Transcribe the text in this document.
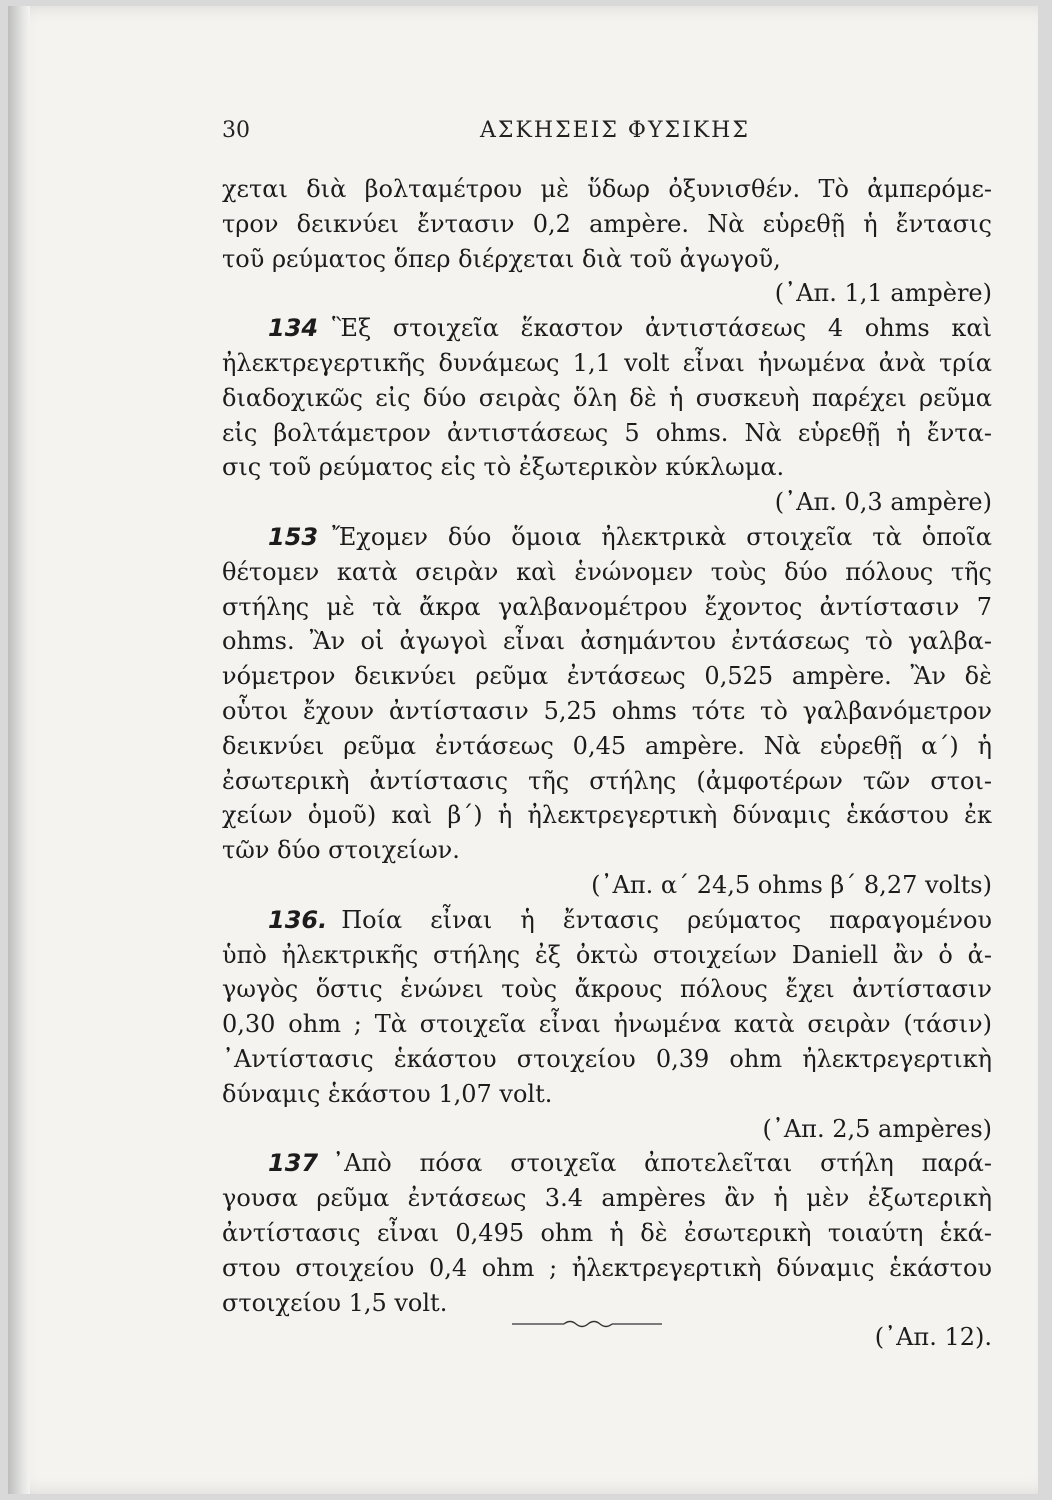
30	ΑΣΚΗΣΕΙΣ ΦΥΣΙΚΗΣ
χεται διὰ βολταμέτρου μὲ ὕδωρ ὀξυνισθέν. Τὸ ἀμπερόμε-
τρον δεικνύει ἔντασιν 0,2 ampère. Νὰ εὑρεθῇ ἡ ἔντασις
τοῦ ρεύματος ὅπερ διέρχεται διὰ τοῦ ἀγωγοῦ,
(᾿Απ. 1,1 ampère)
134 Ἓξ στοιχεῖα ἕκαστον ἀντιστάσεως 4 ohms καὶ
ἠλεκτρεγερτικῆς δυνάμεως 1,1 volt εἶναι ἠνωμένα ἀνὰ τρία
διαδοχικῶς εἰς δύο σειρὰς ὅλη δὲ ἡ συσκευὴ παρέχει ρεῦμα
εἰς βολτάμετρον ἀντιστάσεως 5 ohms. Νὰ εὑρεθῇ ἡ ἔντα-
σις τοῦ ρεύματος εἰς τὸ ἐξωτερικὸν κύκλωμα.
(᾿Απ. 0,3 ampère)
153 Ἔχομεν δύο ὅμοια ἠλεκτρικὰ στοιχεῖα τὰ ὁποῖα
θέτομεν κατὰ σειρὰν καὶ ἑνώνομεν τοὺς δύο πόλους τῆς
στήλης μὲ τὰ ἄκρα γαλβανομέτρου ἔχοντος ἀντίστασιν 7
ohms. Ἂν οἱ ἀγωγοὶ εἶναι ἀσημάντου ἐντάσεως τὸ γαλβα-
νόμετρον δεικνύει ρεῦμα ἐντάσεως 0,525 ampère. Ἂν δὲ
οὗτοι ἔχουν ἀντίστασιν 5,25 ohms τότε τὸ γαλβανόμετρον
δεικνύει ρεῦμα ἐντάσεως 0,45 ampère. Νὰ εὑρεθῇ α΄) ἡ
ἐσωτερικὴ ἀντίστασις τῆς στήλης (ἀμφοτέρων τῶν στοι-
χείων ὁμοῦ) καὶ β΄) ἡ ἠλεκτρεγερτικὴ δύναμις ἑκάστου ἐκ
τῶν δύο στοιχείων.
(᾿Απ. α΄ 24,5 ohms β΄ 8,27 volts)
136. Ποία εἶναι ἡ ἔντασις ρεύματος παραγομένου
ὑπὸ ἠλεκτρικῆς στήλης ἐξ ὀκτὼ στοιχείων Daniell ἂν ὁ ἀ-
γωγὸς ὅστις ἑνώνει τοὺς ἄκρους πόλους ἔχει ἀντίστασιν
0,30 ohm ; Τὰ στοιχεῖα εἶναι ἠνωμένα κατὰ σειρὰν (τάσιν)
᾿Αντίστασις ἑκάστου στοιχείου 0,39 ohm ἠλεκτρεγερτικὴ
δύναμις ἑκάστου 1,07 volt.
(᾿Απ. 2,5 ampères)
137 ᾿Απὸ πόσα στοιχεῖα ἀποτελεῖται στήλη παρά-
γουσα ρεῦμα ἐντάσεως 3.4 ampères ἂν ἡ μὲν ἐξωτερικὴ
ἀντίστασις εἶναι 0,495 ohm ἡ δὲ ἐσωτερικὴ τοιαύτη ἑκά-
στου στοιχείου 0,4 ohm ; ἠλεκτρεγερτικὴ δύναμις ἑκάστου
στοιχείου 1,5 volt.
(᾿Απ. 12).
